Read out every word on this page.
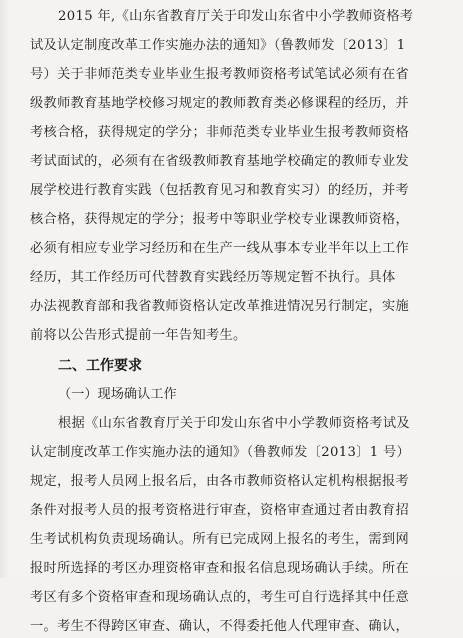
2015 年,《山东省教育厅关于印发山东省中小学教师资格考
试及认定制度改革工作实施办法的通知》（鲁教师发〔2013〕1
号）关于非师范类专业毕业生报考教师资格考试笔试必须有在省
级教师教育基地学校修习规定的教师教育类必修课程的经历，并
考核合格，获得规定的学分；非师范类专业毕业生报考教师资格
考试面试的，必须有在省级教师教育基地学校确定的教师专业发
展学校进行教育实践（包括教育见习和教育实习）的经历，并考
核合格，获得规定的学分；报考中等职业学校专业课教师资格，
必须有相应专业学习经历和在生产一线从事本专业半年以上工作
经历，其工作经历可代替教育实践经历等规定暂不执行。具体
办法视教育部和我省教师资格认定改革推进情况另行制定，实施
前将以公告形式提前一年告知考生。
二、工作要求
（一）现场确认工作
根据《山东省教育厅关于印发山东省中小学教师资格考试及
认定制度改革工作实施办法的通知》（鲁教师发〔2013〕1 号）
规定，报考人员网上报名后，由各市教师资格认定机构根据报考
条件对报考人员的报考资格进行审查，资格审查通过者由教育招
生考试机构负责现场确认。所有已完成网上报名的考生，需到网
报时所选择的考区办理资格审查和报名信息现场确认手续。所在
考区有多个资格审查和现场确认点的，考生可自行选择其中任意
一。考生不得跨区审查、确认，不得委托他人代理审查、确认，
